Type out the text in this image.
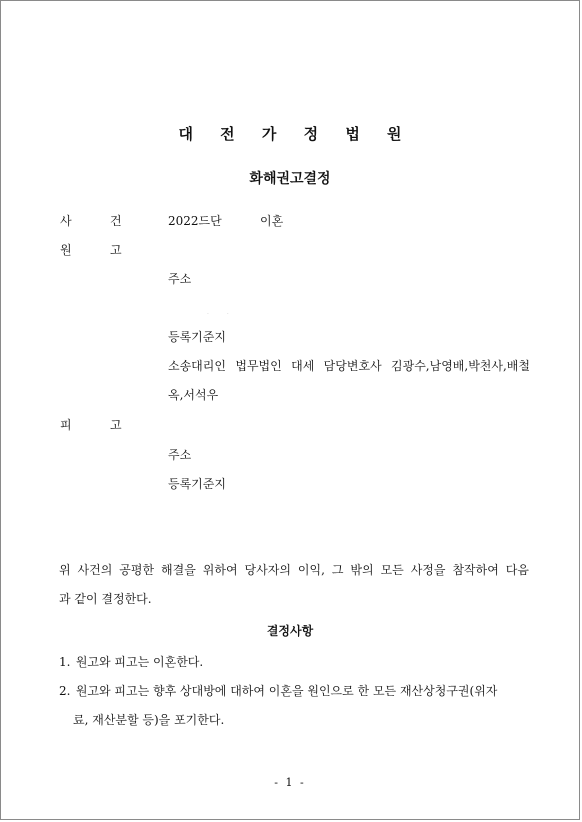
대 전 가 정 법 원
화해권고결정
사	건	2022드단	이혼
원	고
주소
· ·
등록기준지
소송대리인 법무법인 대세 담당변호사 김광수,남영배,박천사,배철
옥,서석우
피	고
주소
등록기준지
위 사건의 공평한 해결을 위하여 당사자의 이익, 그 밖의 모든 사정을 참작하여 다음
과 같이 결정한다.
결정사항
1. 원고와 피고는 이혼한다.
2. 원고와 피고는 향후 상대방에 대하여 이혼을 원인으로 한 모든 재산상청구권(위자
료, 재산분할 등)을 포기한다.
- 1 -
